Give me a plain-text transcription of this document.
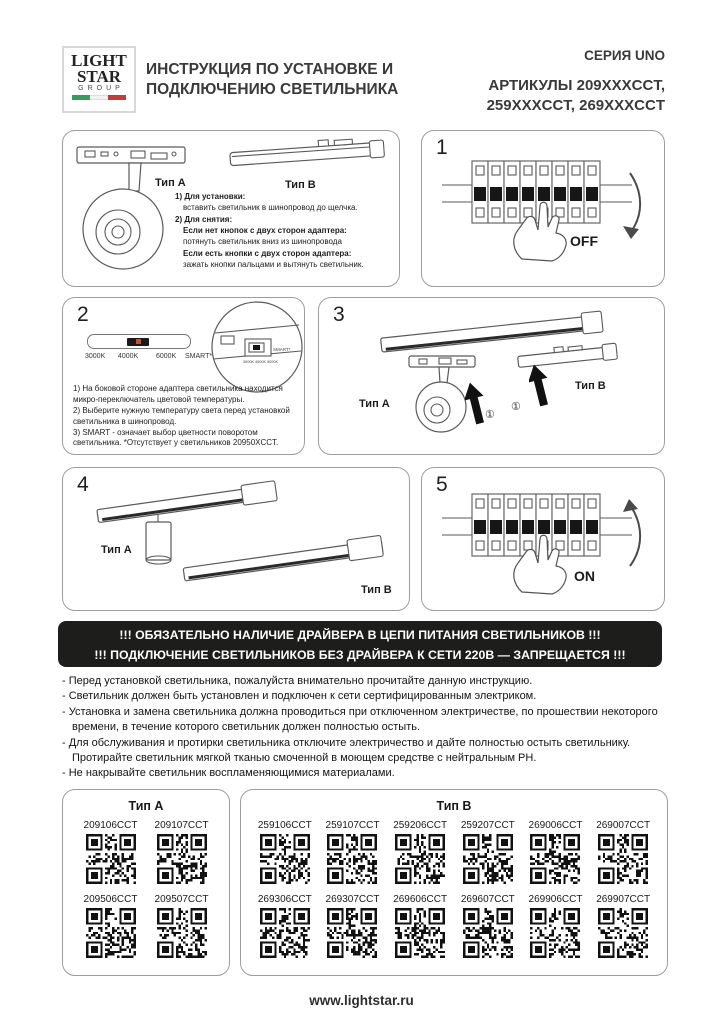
LIGHT
STAR
GROUP
ИНСТРУКЦИЯ ПО УСТАНОВКЕ И
ПОДКЛЮЧЕНИЮ СВЕТИЛЬНИКА
СЕРИЯ UNO
АРТИКУЛЫ 209XXXCCT,
259XXXCCT, 269XXXCCT
Тип A	Тип B
1) Для установки:
вставить светильник в шинопровод до щелчка.
2) Для снятия:
Если нет кнопок с двух сторон адаптера:
потянуть светильник вниз из шинопровода
Если есть кнопки с двух сторон адаптера:
зажать кнопки пальцами и вытянуть светильник.
1
OFF
2
3000K 4000K	6000K SMART*
SMART*
3000K 4000K 6000K
1) На боковой стороне адаптера светильника находится микро-переключатель цветовой температуры.
2) Выберите нужную температуру света перед установкой светильника в шинопровод.
3) SMART - означает выбор цветности поворотом светильника. *Отсутствует у светильников 20950XCCT.
3
Тип A
①
①
Тип B
4
Тип A
Тип B
5
ON
!!! ОБЯЗАТЕЛЬНО НАЛИЧИЕ ДРАЙВЕРА В ЦЕПИ ПИТАНИЯ СВЕТИЛЬНИКОВ !!!
!!! ПОДКЛЮЧЕНИЕ СВЕТИЛЬНИКОВ БЕЗ ДРАЙВЕРА К СЕТИ 220В — ЗАПРЕЩАЕТСЯ !!!
- Перед установкой светильника, пожалуйста внимательно прочитайте данную инструкцию.
- Светильник должен быть установлен и подключен к сети сертифицированным электриком.
- Установка и замена светильника должна проводиться при отключенном электричестве, по прошествии некоторого времени, в течение которого светильник должен полностью остыть.
- Для обслуживания и протирки светильника отключите электричество и дайте полностью остыть светильнику. Протирайте светильник мягкой тканью смоченной в моющем средстве с нейтральным PH.
- Не накрывайте светильник воспламеняющимися материалами.
Тип A
209106CCT 209107CCT
209506CCT 209507CCT
Тип B
259106CCT 259107CCT 259206CCT 259207CCT 269006CCT 269007CCT
269306CCT 269307CCT 269606CCT 269607CCT 269906CCT 269907CCT
www.lightstar.ru
